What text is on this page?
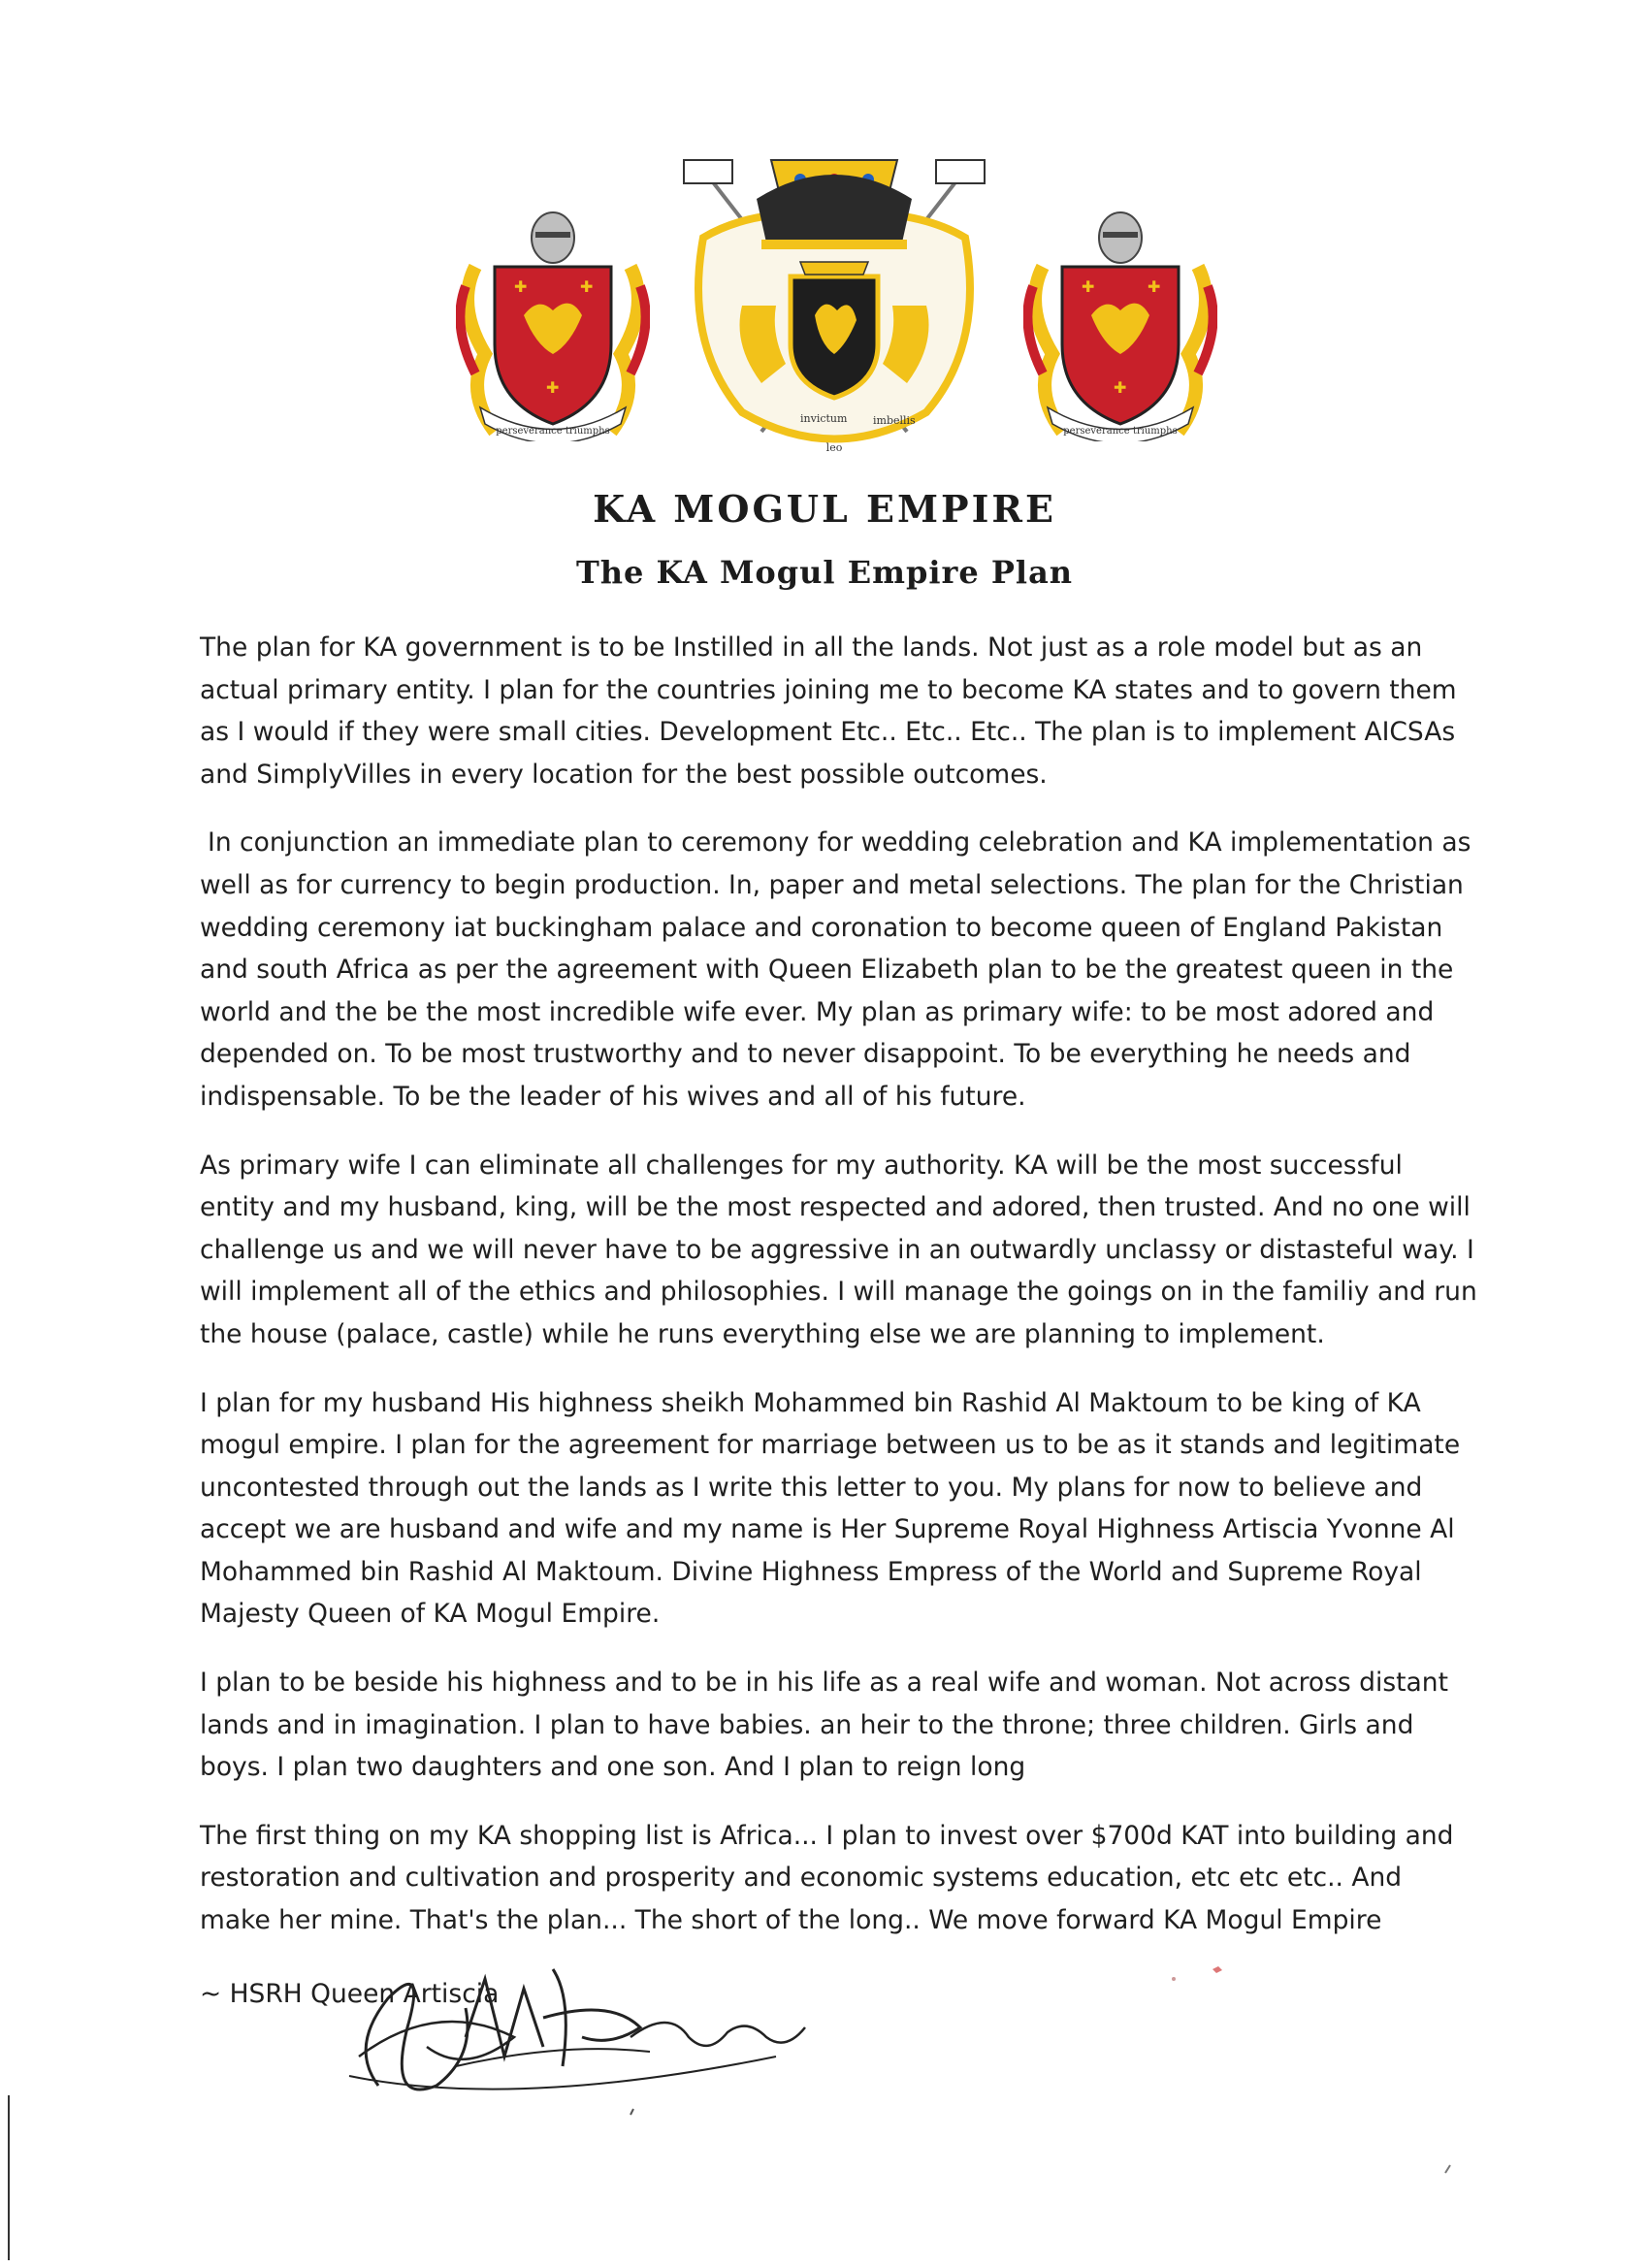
✚	✚
✚
perseverance triumphs
invictum imbellis
leo
✚	✚
✚
perseverance triumphs
KA MOGUL EMPIRE
The KA Mogul Empire Plan

The plan for KA government is to be Instilled in all the lands. Not just as a role model but as an actual primary entity. I plan for the countries joining me to become KA states and to govern them as I would if they were small cities. Development Etc.. Etc.. Etc.. The plan is to implement AICSAs and SimplyVilles in every location for the best possible outcomes.

In conjunction an immediate plan to ceremony for wedding celebration and KA implementation as well as for currency to begin production. In, paper and metal selections. The plan for the Christian wedding ceremony iat buckingham palace and coronation to become queen of England Pakistan and south Africa as per the agreement with Queen Elizabeth plan to be the greatest queen in the world and the be the most incredible wife ever. My plan as primary wife: to be most adored and depended on. To be most trustworthy and to never disappoint. To be everything he needs and indispensable. To be the leader of his wives and all of his future.

As primary wife I can eliminate all challenges for my authority. KA will be the most successful entity and my husband, king, will be the most respected and adored, then trusted. And no one will challenge us and we will never have to be aggressive in an outwardly unclassy or distasteful way. I will implement all of the ethics and philosophies. I will manage the goings on in the familiy and run the house (palace, castle) while he runs everything else we are planning to implement.

I plan for my husband His highness sheikh Mohammed bin Rashid Al Maktoum to be king of KA mogul empire. I plan for the agreement for marriage between us to be as it stands and legitimate uncontested through out the lands as I write this letter to you. My plans for now to believe and accept we are husband and wife and my name is Her Supreme Royal Highness Artiscia Yvonne Al Mohammed bin Rashid Al Maktoum. Divine Highness Empress of the World and Supreme Royal Majesty Queen of KA Mogul Empire.

I plan to be beside his highness and to be in his life as a real wife and woman. Not across distant lands and in imagination. I plan to have babies. an heir to the throne; three children. Girls and boys. I plan two daughters and one son. And I plan to reign long

The first thing on my KA shopping list is Africa... I plan to invest over $700d KAT into building and restoration and cultivation and prosperity and economic systems education, etc etc etc.. And make her mine. That's the plan... The short of the long.. We move forward KA Mogul Empire

~ HSRH Queen Artiscia
